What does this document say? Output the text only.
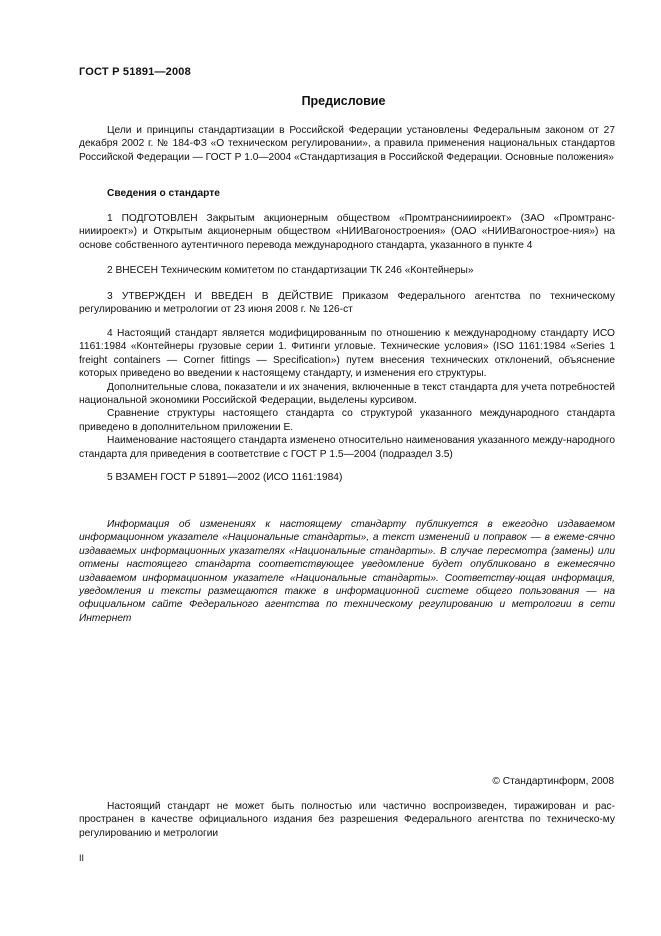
ГОСТ Р 51891—2008
Предисловие

Цели и принципы стандартизации в Российской Федерации установлены Федеральным законом от 27 декабря 2002 г. № 184-ФЗ «О техническом регулировании», а правила применения национальных стандартов Российской Федерации — ГОСТ Р 1.0—2004 «Стандартизация в Российской Федерации. Основные положения»

Сведения о стандарте

1 ПОДГОТОВЛЕН Закрытым акционерным обществом «Промтранснииироект» (ЗАО «Промтранс-нииироект») и Открытым акционерным обществом «НИИВагоностроения» (ОАО «НИИВагонострое-ния») на основе собственного аутентичного перевода международного стандарта, указанного в пункте 4

2 ВНЕСЕН Техническим комитетом по стандартизации ТК 246 «Контейнеры»

3 УТВЕРЖДЕН И ВВЕДЕН В ДЕЙСТВИЕ Приказом Федерального агентства по техническому регулированию и метрологии от 23 июня 2008 г. № 126-ст

4 Настоящий стандарт является модифицированным по отношению к международному стандарту ИСО 1161:1984 «Контейнеры грузовые серии 1. Фитинги угловые. Технические условия» (ISO 1161:1984 «Series 1 freight containers — Corner fittings — Specification») путем внесения технических отклонений, объяснение которых приведено во введении к настоящему стандарту, и изменения его структуры.

Дополнительные слова, показатели и их значения, включенные в текст стандарта для учета потребностей национальной экономики Российской Федерации, выделены курсивом.

Сравнение структуры настоящего стандарта со структурой указанного международного стандарта приведено в дополнительном приложении Е.

Наименование настоящего стандарта изменено относительно наименования указанного между-народного стандарта для приведения в соответствие с ГОСТ Р 1.5—2004 (подраздел 3.5)

5 ВЗАМЕН ГОСТ Р 51891—2002 (ИСО 1161:1984)

Информация об изменениях к настоящему стандарту публикуется в ежегодно издаваемом информационном указателе «Национальные стандарты», а текст изменений и поправок — в ежеме-сячно издаваемых информационных указателях «Национальные стандарты». В случае пересмотра (замены) или отмены настоящего стандарта соответствующее уведомление будет опубликовано в ежемесячно издаваемом информационном указателе «Национальные стандарты». Соответству-ющая информация, уведомления и тексты размещаются также в информационной системе общего пользования — на официальном сайте Федерального агентства по техническому регулированию и метрологии в сети Интернет

© Стандартинформ, 2008

Настоящий стандарт не может быть полностью или частично воспроизведен, тиражирован и рас-пространен в качестве официального издания без разрешения Федерального агентства по техническо-му регулированию и метрологии

II
